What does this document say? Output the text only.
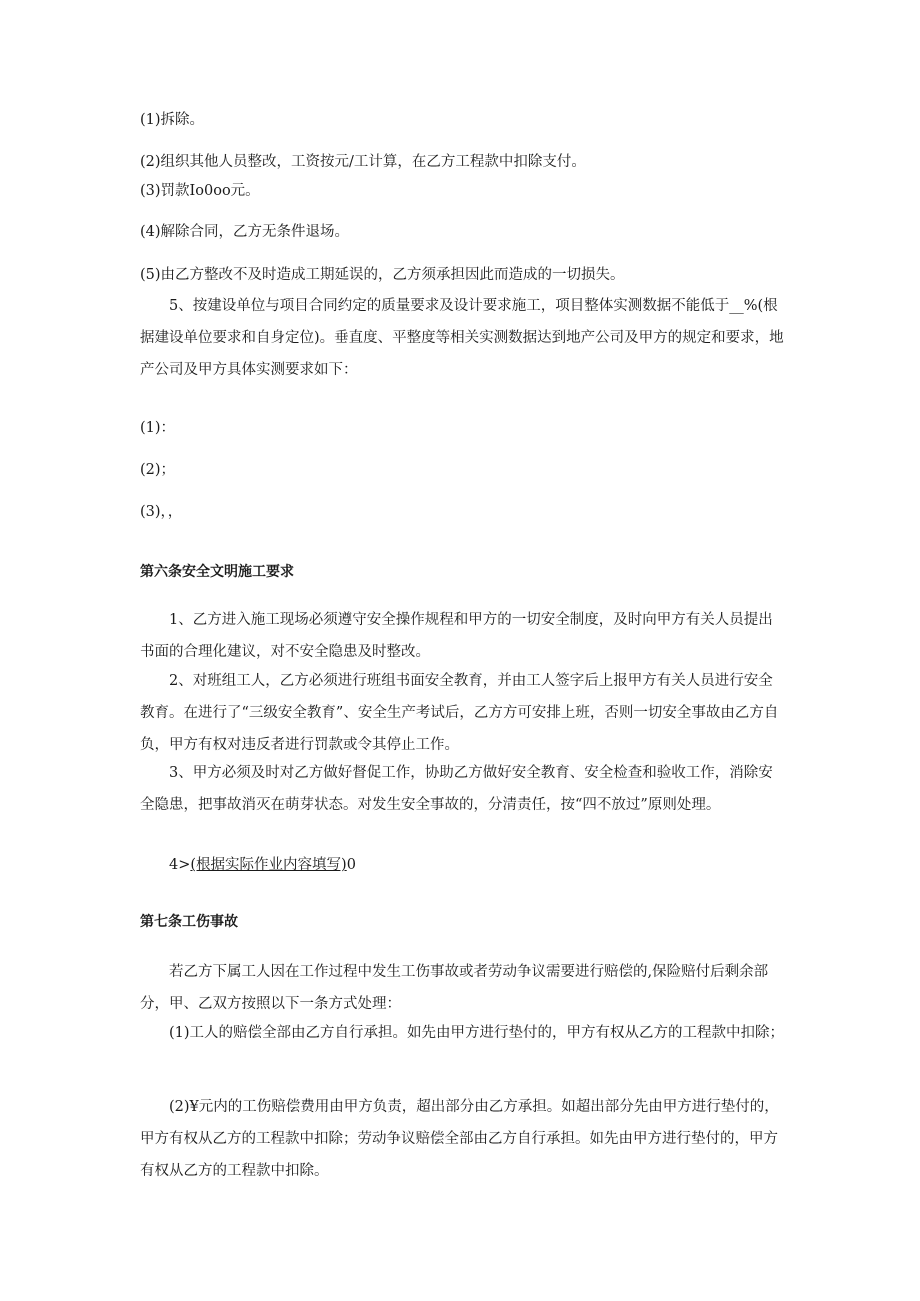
(1)拆除。
(2)组织其他人员整改，工资按元/工计算，在乙方工程款中扣除支付。
(3)罚款Io0oo元。
(4)解除合同，乙方无条件退场。
(5)由乙方整改不及时造成工期延误的，乙方须承担因此而造成的一切损失。
5、按建设单位与项目合同约定的质量要求及设计要求施工，项目整体实测数据不能低于__%(根据建设单位要求和自身定位)。垂直度、平整度等相关实测数据达到地产公司及甲方的规定和要求，地产公司及甲方具体实测要求如下：
(1)：
(2)；
(3)，，
第六条安全文明施工要求
1、乙方进入施工现场必须遵守安全操作规程和甲方的一切安全制度，及时向甲方有关人员提出书面的合理化建议，对不安全隐患及时整改。
2、对班组工人，乙方必须进行班组书面安全教育，并由工人签字后上报甲方有关人员进行安全教育。在进行了“三级安全教育”、安全生产考试后，乙方方可安排上班，否则一切安全事故由乙方自负，甲方有权对违反者进行罚款或令其停止工作。
3、甲方必须及时对乙方做好督促工作，协助乙方做好安全教育、安全检查和验收工作，消除安全隐患，把事故消灭在萌芽状态。对发生安全事故的，分清责任，按“四不放过”原则处理。
4>(根据实际作业内容填写)0
第七条工伤事故
若乙方下属工人因在工作过程中发生工伤事故或者劳动争议需要进行赔偿的,保险赔付后剩余部分，甲、乙双方按照以下一条方式处理：
(1)工人的赔偿全部由乙方自行承担。如先由甲方进行垫付的，甲方有权从乙方的工程款中扣除；
(2)¥元内的工伤赔偿费用由甲方负责，超出部分由乙方承担。如超出部分先由甲方进行垫付的，甲方有权从乙方的工程款中扣除；劳动争议赔偿全部由乙方自行承担。如先由甲方进行垫付的，甲方有权从乙方的工程款中扣除。
